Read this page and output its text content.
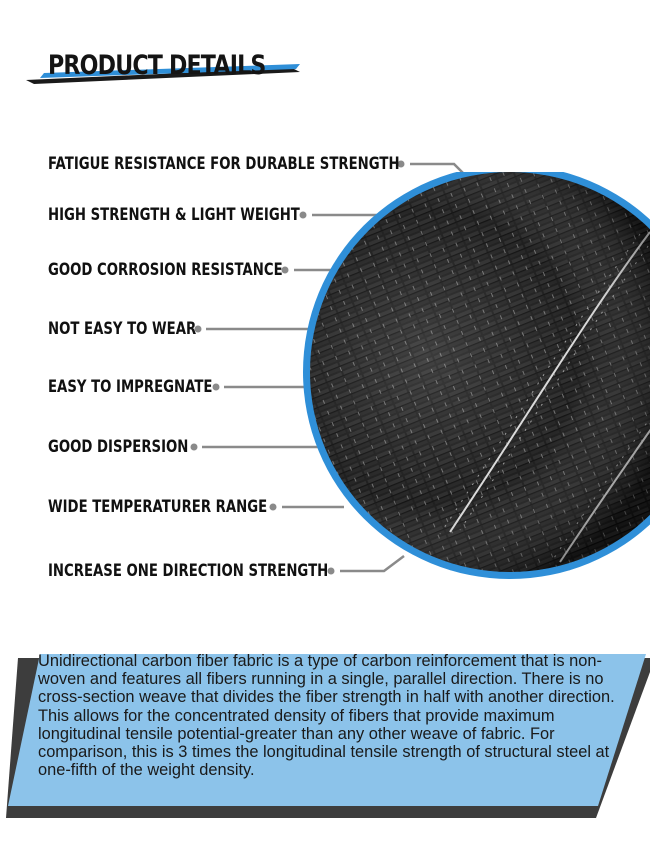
PRODUCT DETAILS
FATIGUE RESISTANCE FOR DURABLE STRENGTH
HIGH STRENGTH & LIGHT WEIGHT
GOOD CORROSION RESISTANCE
NOT EASY TO WEAR
EASY TO IMPREGNATE
GOOD DISPERSION
WIDE TEMPERATURER RANGE
INCREASE ONE DIRECTION STRENGTH

Unidirectional carbon fiber fabric is a type of carbon reinforcement that is non-woven and features all fibers running in a single, parallel direction. There is no cross-section weave that divides the fiber strength in half with another direction.

This allows for the concentrated density of fibers that provide maximum longitudinal tensile potential-greater than any other weave of fabric. For comparison, this is 3 times the longitudinal tensile strength of structural steel at one-fifth of the weight density.
